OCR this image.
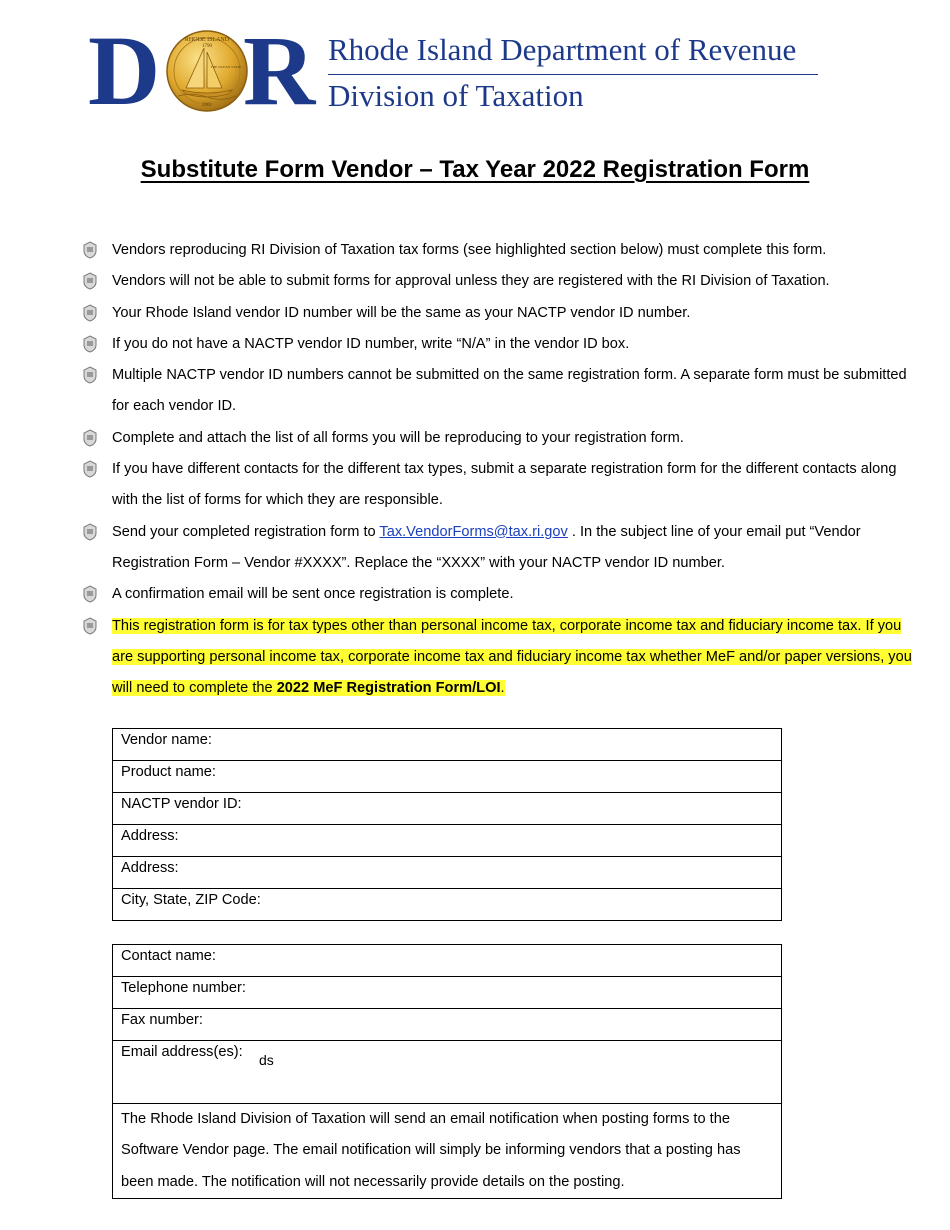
D	RHODE ISLAND
1790
THE OCEAN STATE
2001 R Rhode Island Department of Revenue
Division of Taxation
Substitute Form Vendor – Tax Year 2022 Registration Form
Vendors reproducing RI Division of Taxation tax forms (see highlighted section below) must complete this form.
Vendors will not be able to submit forms for approval unless they are registered with the RI Division of Taxation.
Your Rhode Island vendor ID number will be the same as your NACTP vendor ID number.
If you do not have a NACTP vendor ID number, write “N/A” in the vendor ID box.
Multiple NACTP vendor ID numbers cannot be submitted on the same registration form. A separate form must be submitted for each vendor ID.
Complete and attach the list of all forms you will be reproducing to your registration form.
If you have different contacts for the different tax types, submit a separate registration form for the different contacts along with the list of forms for which they are responsible.
Send your completed registration form to Tax.VendorForms@tax.ri.gov . In the subject line of your email put “Vendor Registration Form – Vendor #XXXX”. Replace the “XXXX” with your NACTP vendor ID number.
A confirmation email will be sent once registration is complete.
This registration form is for tax types other than personal income tax, corporate income tax and fiduciary income tax. If you are supporting personal income tax, corporate income tax and fiduciary income tax whether MeF and/or paper versions, you will need to complete the 2022 MeF Registration Form/LOI.
Vendor name:
Product name:
NACTP vendor ID:
Address:
Address:
City, State, ZIP Code:
Contact name:
Telephone number:
Fax number:
Email address(es): ds

The Rhode Island Division of Taxation will send an email notification when posting forms to the Software Vendor page. The email notification will simply be informing vendors that a posting has been made. The notification will not necessarily provide details on the posting.
